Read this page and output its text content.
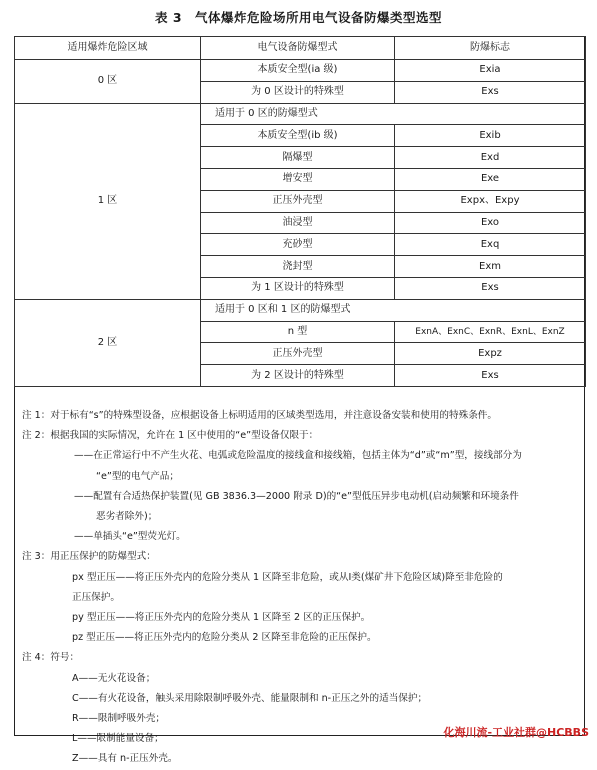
表 3　气体爆炸危险场所用电气设备防爆类型选型
适用爆炸危险区域	电气设备防爆型式	防爆标志
0 区	本质安全型(ia 级)	Exia
	为 0 区设计的特殊型	Exs
1 区	适用于 0 区的防爆型式	
	本质安全型(ib 级)	Exib
	隔爆型	Exd
	增安型	Exe
	正压外壳型	Expx、Expy
	油浸型	Exo
	充砂型	Exq
	浇封型	Exm
	为 1 区设计的特殊型	Exs
2 区	适用于 0 区和 1 区的防爆型式	
	n 型	ExnA、ExnC、ExnR、ExnL、ExnZ
	正压外壳型	Expz
	为 2 区设计的特殊型	Exs

注 1：对于标有“s”的特殊型设备，应根据设备上标明适用的区域类型选用，并注意设备安装和使用的特殊条件。

注 2：根据我国的实际情况，允许在 1 区中使用的“e”型设备仅限于：

——在正常运行中不产生火花、电弧或危险温度的接线盒和接线箱，包括主体为“d”或“m”型，接线部分为

“e”型的电气产品；

——配置有合适热保护装置(见 GB 3836.3—2000 附录 D)的“e”型低压异步电动机(启动频繁和环境条件

恶劣者除外)；

——单插头“e”型荧光灯。

注 3：用正压保护的防爆型式：

px 型正压——将正压外壳内的危险分类从 1 区降至非危险，或从Ⅰ类(煤矿井下危险区域)降至非危险的

正压保护。

py 型正压——将正压外壳内的危险分类从 1 区降至 2 区的正压保护。

pz 型正压——将正压外壳内的危险分类从 2 区降至非危险的正压保护。

注 4：符号：

A——无火花设备；

C——有火花设备，触头采用除限制呼吸外壳、能量限制和 n-正压之外的适当保护；

R——限制呼吸外壳；

L——限制能量设备；

Z——具有 n-正压外壳。

化海川流-工业社群@HCBBS
